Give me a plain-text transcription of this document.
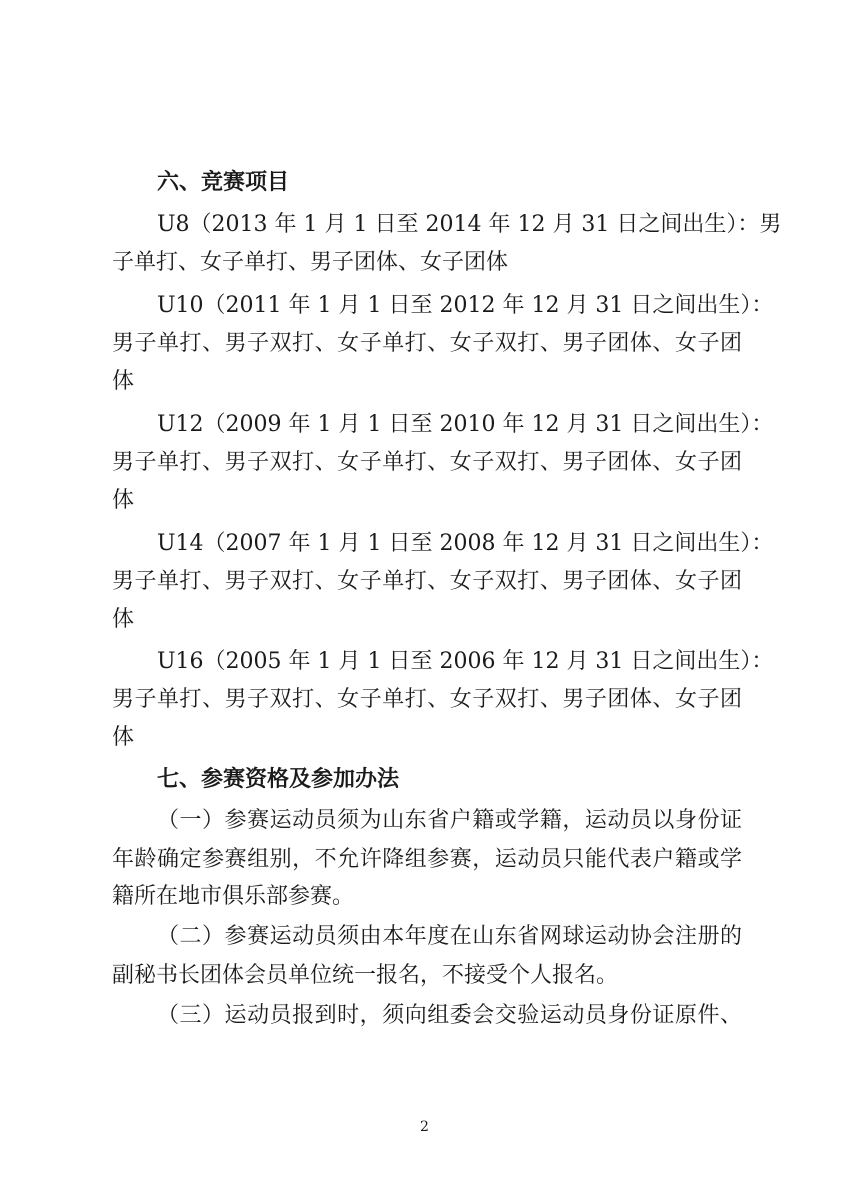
六、竞赛项目
U8（2013 年 1 月 1 日至 2014 年 12 月 31 日之间出生）：男
子单打、女子单打、男子团体、女子团体
U10（2011 年 1 月 1 日至 2012 年 12 月 31 日之间出生）：
男子单打、男子双打、女子单打、女子双打、男子团体、女子团
体
U12（2009 年 1 月 1 日至 2010 年 12 月 31 日之间出生）：
男子单打、男子双打、女子单打、女子双打、男子团体、女子团
体
U14（2007 年 1 月 1 日至 2008 年 12 月 31 日之间出生）：
男子单打、男子双打、女子单打、女子双打、男子团体、女子团
体
U16（2005 年 1 月 1 日至 2006 年 12 月 31 日之间出生）：
男子单打、男子双打、女子单打、女子双打、男子团体、女子团
体
七、参赛资格及参加办法
（一）参赛运动员须为山东省户籍或学籍，运动员以身份证
年龄确定参赛组别，不允许降组参赛，运动员只能代表户籍或学
籍所在地市俱乐部参赛。
（二）参赛运动员须由本年度在山东省网球运动协会注册的
副秘书长团体会员单位统一报名，不接受个人报名。
（三）运动员报到时，须向组委会交验运动员身份证原件、
2
